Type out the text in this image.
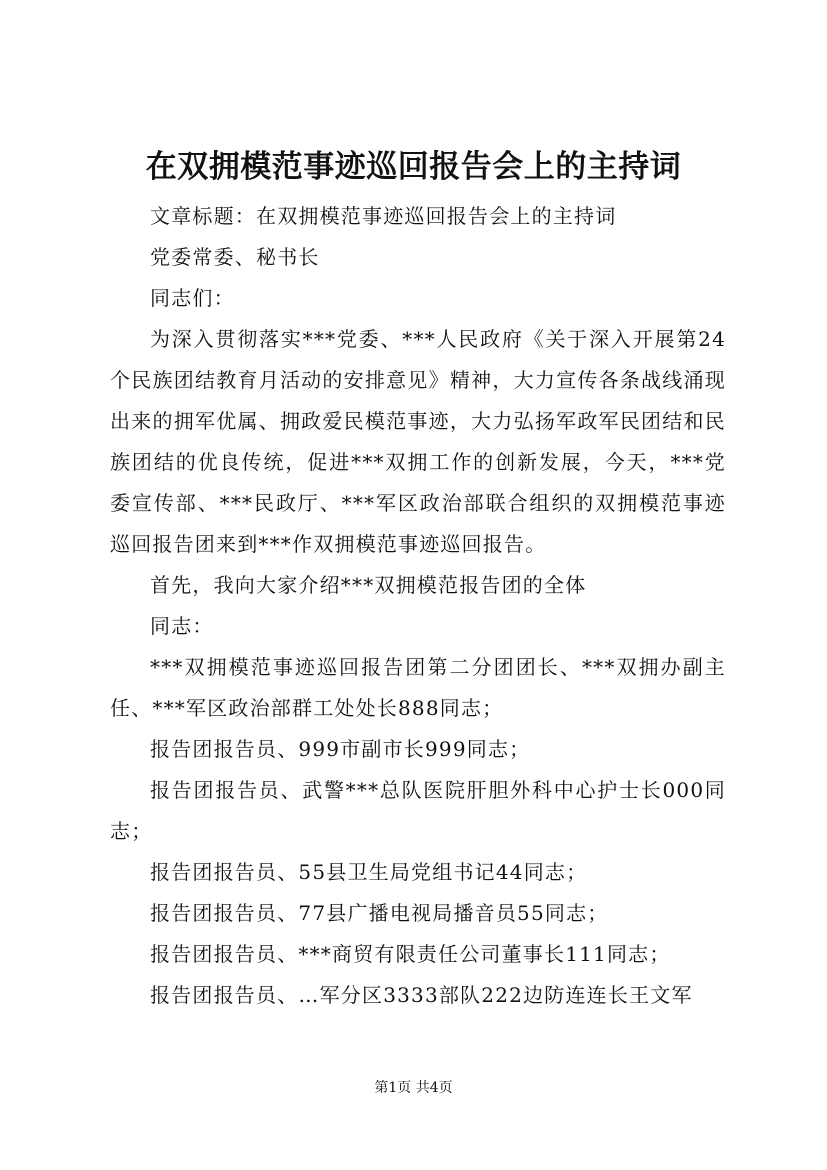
在双拥模范事迹巡回报告会上的主持词

文章标题：在双拥模范事迹巡回报告会上的主持词

党委常委、秘书长

同志们：

为深入贯彻落实***党委、***人民政府《关于深入开展第24个民族团结教育月活动的安排意见》精神，大力宣传各条战线涌现出来的拥军优属、拥政爱民模范事迹，大力弘扬军政军民团结和民族团结的优良传统，促进***双拥工作的创新发展，今天，***党委宣传部、***民政厅、***军区政治部联合组织的双拥模范事迹巡回报告团来到***作双拥模范事迹巡回报告。

首先，我向大家介绍***双拥模范报告团的全体

同志：

***双拥模范事迹巡回报告团第二分团团长、***双拥办副主任、***军区政治部群工处处长888同志；

报告团报告员、999市副市长999同志；

报告团报告员、武警***总队医院肝胆外科中心护士长000同志；

报告团报告员、55县卫生局党组书记44同志；

报告团报告员、77县广播电视局播音员55同志；

报告团报告员、***商贸有限责任公司董事长111同志；

报告团报告员、…军分区3333部队222边防连连长王文军

第1页 共4页
